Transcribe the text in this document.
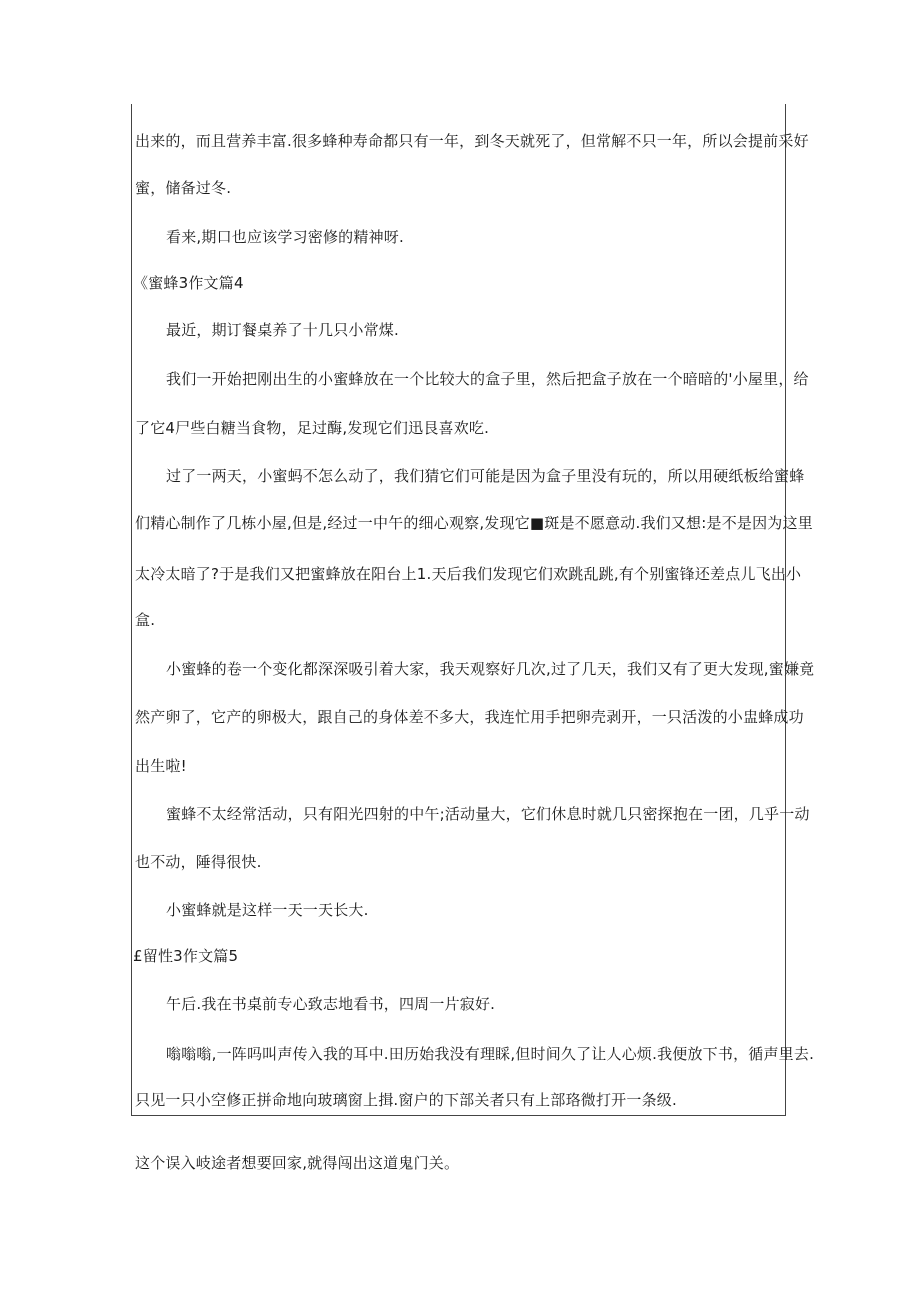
出来的，而且营养丰富.很多蜂种寿命都只有一年，到冬天就死了，但常解不只一年，所以会提前采好
蜜，储备过冬.
看来,期口也应该学习密修的精神呀.
《蜜蜂3作文篇4
最近，期订餐桌养了十几只小常煤.
我们一开始把刚出生的小蜜蜂放在一个比较大的盒子里，然后把盒子放在一个暗暗的'小屋里，给
了它4尸些白糖当食物，足过酶,发现它们迅艮喜欢吃.
过了一两天，小蜜蚂不怎么动了，我们猜它们可能是因为盒子里没有玩的，所以用硬纸板给蜜蜂
们精心制作了几栋小屋,但是,经过一中午的细心观察,发现它■斑是不愿意动.我们又想:是不是因为这里
太冷太暗了?于是我们又把蜜蜂放在阳台上1.天后我们发现它们欢跳乱跳,有个别蜜锋还差点儿飞出小
盒.
小蜜蜂的卷一个变化都深深吸引着大家，我天观察好几次,过了几天，我们又有了更大发现,蜜嫌竟
然产卵了，它产的卵极大，跟自己的身体差不多大，我连忙用手把卵壳剥开，一只活泼的小盅蜂成功
出生啦!
蜜蜂不太经常活动，只有阳光四射的中午;活动量大，它们休息时就几只密探抱在一团，几乎一动
也不动，陲得很快.
小蜜蜂就是这样一天一天长大.
£留性3作文篇5
午后.我在书桌前专心致志地看书，四周一片寂好.
嗡嗡嗡,一阵吗叫声传入我的耳中.田历始我没有理睬,但时间久了让人心烦.我便放下书，循声里去.
只见一只小空修正拼命地向玻璃窗上揖.窗户的下部关者只有上部珞微打开一条级.
这个误入岐途者想要回家,就得闯出这道鬼门关。
